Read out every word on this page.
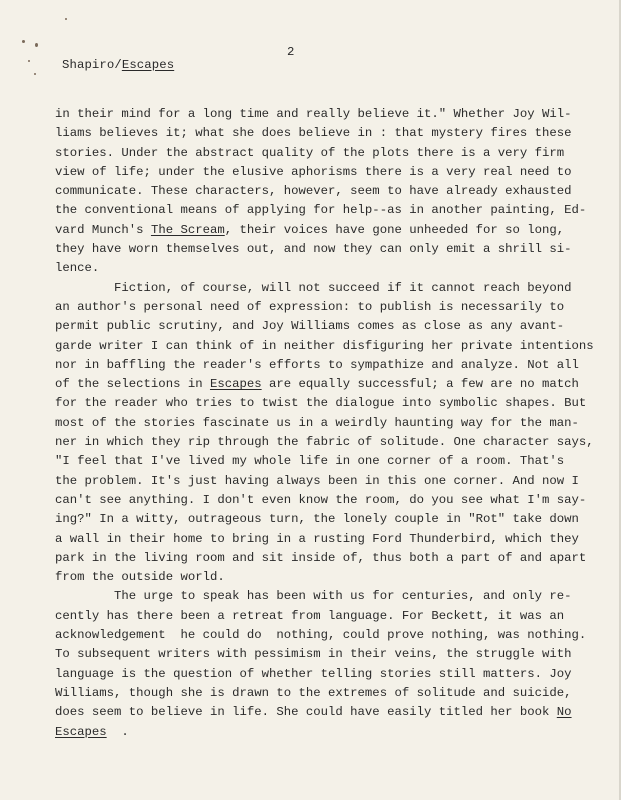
Shapiro/Escapes
2
in their mind for a long time and really believe it." Whether Joy Wil-
liams believes it; what she does believe in : that mystery fires these
stories. Under the abstract quality of the plots there is a very firm
view of life; under the elusive aphorisms there is a very real need to
communicate. These characters, however, seem to have already exhausted
the conventional means of applying for help--as in another painting, Ed-
vard Munch's The Scream, their voices have gone unheeded for so long,
they have worn themselves out, and now they can only emit a shrill si-
lence.
Fiction, of course, will not succeed if it cannot reach beyond
an author's personal need of expression: to publish is necessarily to
permit public scrutiny, and Joy Williams comes as close as any avant-
garde writer I can think of in neither disfiguring her private intentions
nor in baffling the reader's efforts to sympathize and analyze. Not all
of the selections in Escapes are equally successful; a few are no match
for the reader who tries to twist the dialogue into symbolic shapes. But
most of the stories fascinate us in a weirdly haunting way for the man-
ner in which they rip through the fabric of solitude. One character says,
"I feel that I've lived my whole life in one corner of a room. That's
the problem. It's just having always been in this one corner. And now I
can't see anything. I don't even know the room, do you see what I'm say-
ing?" In a witty, outrageous turn, the lonely couple in "Rot" take down
a wall in their home to bring in a rusting Ford Thunderbird, which they
park in the living room and sit inside of, thus both a part of and apart
from the outside world.
The urge to speak has been with us for centuries, and only re-
cently has there been a retreat from language. For Beckett, it was an
acknowledgement  he could do  nothing, could prove nothing, was nothing.
To subsequent writers with pessimism in their veins, the struggle with
language is the question of whether telling stories still matters. Joy
Williams, though she is drawn to the extremes of solitude and suicide,
does seem to believe in life. She could have easily titled her book No
Escapes  .
